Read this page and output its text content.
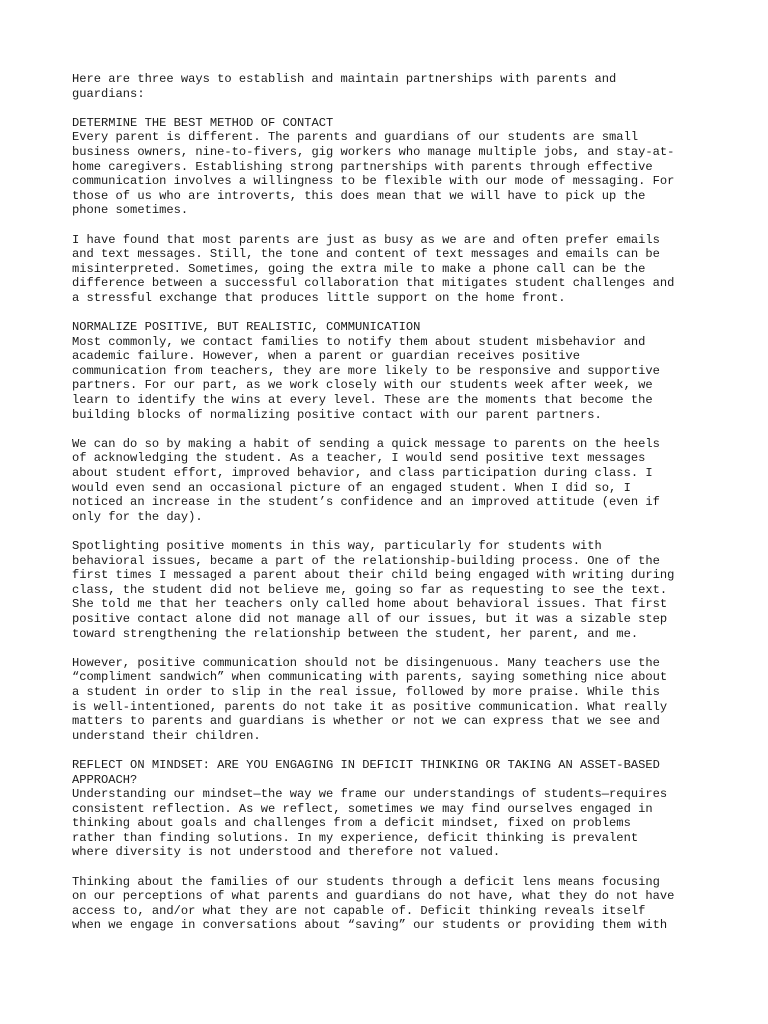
Here are three ways to establish and maintain partnerships with parents and
guardians:

DETERMINE THE BEST METHOD OF CONTACT

Every parent is different. The parents and guardians of our students are small
business owners, nine-to-fivers, gig workers who manage multiple jobs, and stay-at-
home caregivers. Establishing strong partnerships with parents through effective
communication involves a willingness to be flexible with our mode of messaging. For
those of us who are introverts, this does mean that we will have to pick up the
phone sometimes.

I have found that most parents are just as busy as we are and often prefer emails
and text messages. Still, the tone and content of text messages and emails can be
misinterpreted. Sometimes, going the extra mile to make a phone call can be the
difference between a successful collaboration that mitigates student challenges and
a stressful exchange that produces little support on the home front.

NORMALIZE POSITIVE, BUT REALISTIC, COMMUNICATION

Most commonly, we contact families to notify them about student misbehavior and
academic failure. However, when a parent or guardian receives positive
communication from teachers, they are more likely to be responsive and supportive
partners. For our part, as we work closely with our students week after week, we
learn to identify the wins at every level. These are the moments that become the
building blocks of normalizing positive contact with our parent partners.

We can do so by making a habit of sending a quick message to parents on the heels
of acknowledging the student. As a teacher, I would send positive text messages
about student effort, improved behavior, and class participation during class. I
would even send an occasional picture of an engaged student. When I did so, I
noticed an increase in the student’s confidence and an improved attitude (even if
only for the day).

Spotlighting positive moments in this way, particularly for students with
behavioral issues, became a part of the relationship-building process. One of the
first times I messaged a parent about their child being engaged with writing during
class, the student did not believe me, going so far as requesting to see the text.
She told me that her teachers only called home about behavioral issues. That first
positive contact alone did not manage all of our issues, but it was a sizable step
toward strengthening the relationship between the student, her parent, and me.

However, positive communication should not be disingenuous. Many teachers use the
“compliment sandwich” when communicating with parents, saying something nice about
a student in order to slip in the real issue, followed by more praise. While this
is well-intentioned, parents do not take it as positive communication. What really
matters to parents and guardians is whether or not we can express that we see and
understand their children.

REFLECT ON MINDSET: ARE YOU ENGAGING IN DEFICIT THINKING OR TAKING AN ASSET-BASED
APPROACH?

Understanding our mindset—the way we frame our understandings of students—requires
consistent reflection. As we reflect, sometimes we may find ourselves engaged in
thinking about goals and challenges from a deficit mindset, fixed on problems
rather than finding solutions. In my experience, deficit thinking is prevalent
where diversity is not understood and therefore not valued.

Thinking about the families of our students through a deficit lens means focusing
on our perceptions of what parents and guardians do not have, what they do not have
access to, and/or what they are not capable of. Deficit thinking reveals itself
when we engage in conversations about “saving” our students or providing them with
